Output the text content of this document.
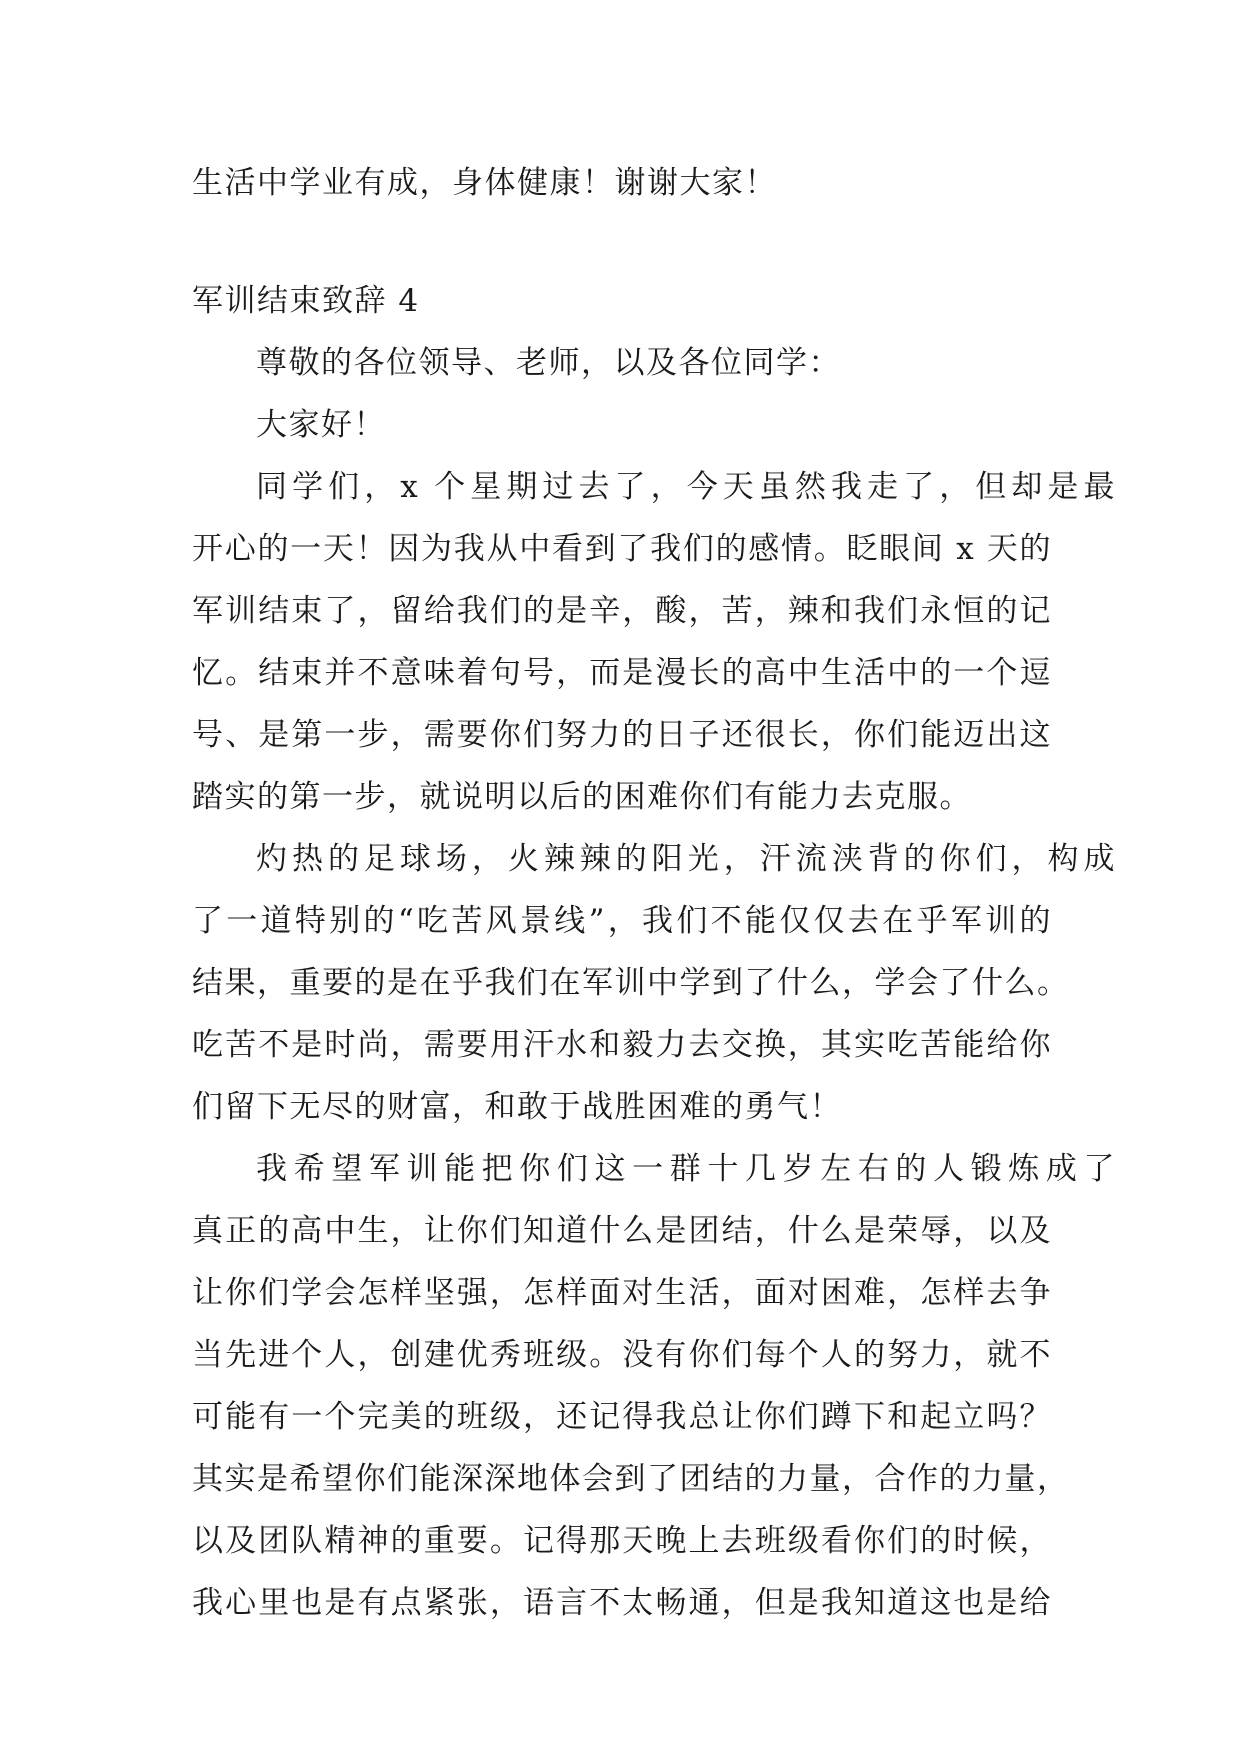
生活中学业有成，身体健康！谢谢大家！
军训结束致辞 4
尊敬的各位领导、老师，以及各位同学：
大家好！
同学们，x 个星期过去了，今天虽然我走了，但却是最
开心的一天！因为我从中看到了我们的感情。眨眼间 x 天的
军训结束了，留给我们的是辛，酸，苦，辣和我们永恒的记
忆。结束并不意味着句号，而是漫长的高中生活中的一个逗
号、是第一步，需要你们努力的日子还很长，你们能迈出这
踏实的第一步，就说明以后的困难你们有能力去克服。
灼热的足球场，火辣辣的阳光，汗流浃背的你们，构成
了一道特别的“吃苦风景线”，我们不能仅仅去在乎军训的
结果，重要的是在乎我们在军训中学到了什么，学会了什么。
吃苦不是时尚，需要用汗水和毅力去交换，其实吃苦能给你
们留下无尽的财富，和敢于战胜困难的勇气！
我希望军训能把你们这一群十几岁左右的人锻炼成了
真正的高中生，让你们知道什么是团结，什么是荣辱，以及
让你们学会怎样坚强，怎样面对生活，面对困难，怎样去争
当先进个人，创建优秀班级。没有你们每个人的努力，就不
可能有一个完美的班级，还记得我总让你们蹲下和起立吗？
其实是希望你们能深深地体会到了团结的力量，合作的力量，
以及团队精神的重要。记得那天晚上去班级看你们的时候，
我心里也是有点紧张，语言不太畅通，但是我知道这也是给
